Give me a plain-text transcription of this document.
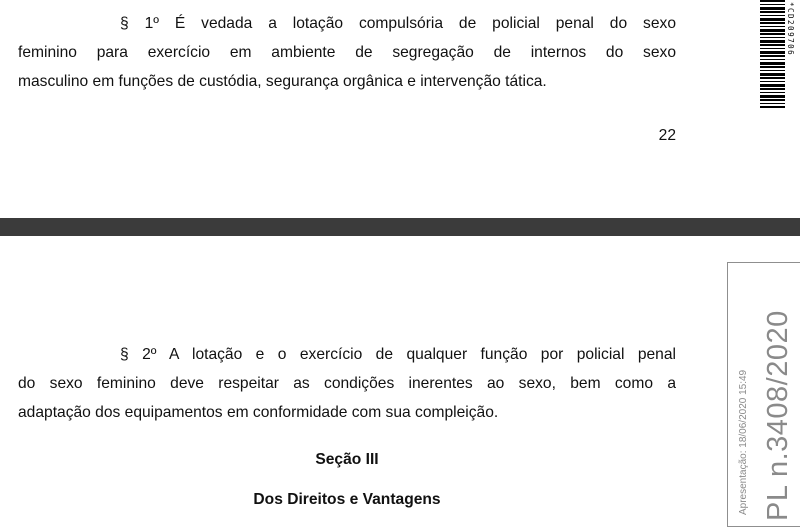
§ 1º É vedada a lotação compulsória de policial penal do sexo
feminino para exercício em ambiente de segregação de internos do sexo
masculino em funções de custódia, segurança orgânica e intervenção tática.

22
*CD209706

§ 2º A lotação e o exercício de qualquer função por policial penal
do sexo feminino deve respeitar as condições inerentes ao sexo, bem como a
adaptação dos equipamentos em conformidade com sua compleição.

Seção III
Dos Direitos e Vantagens	Apresentação: 18/06/2020 15:49 PL n.3408/2020
